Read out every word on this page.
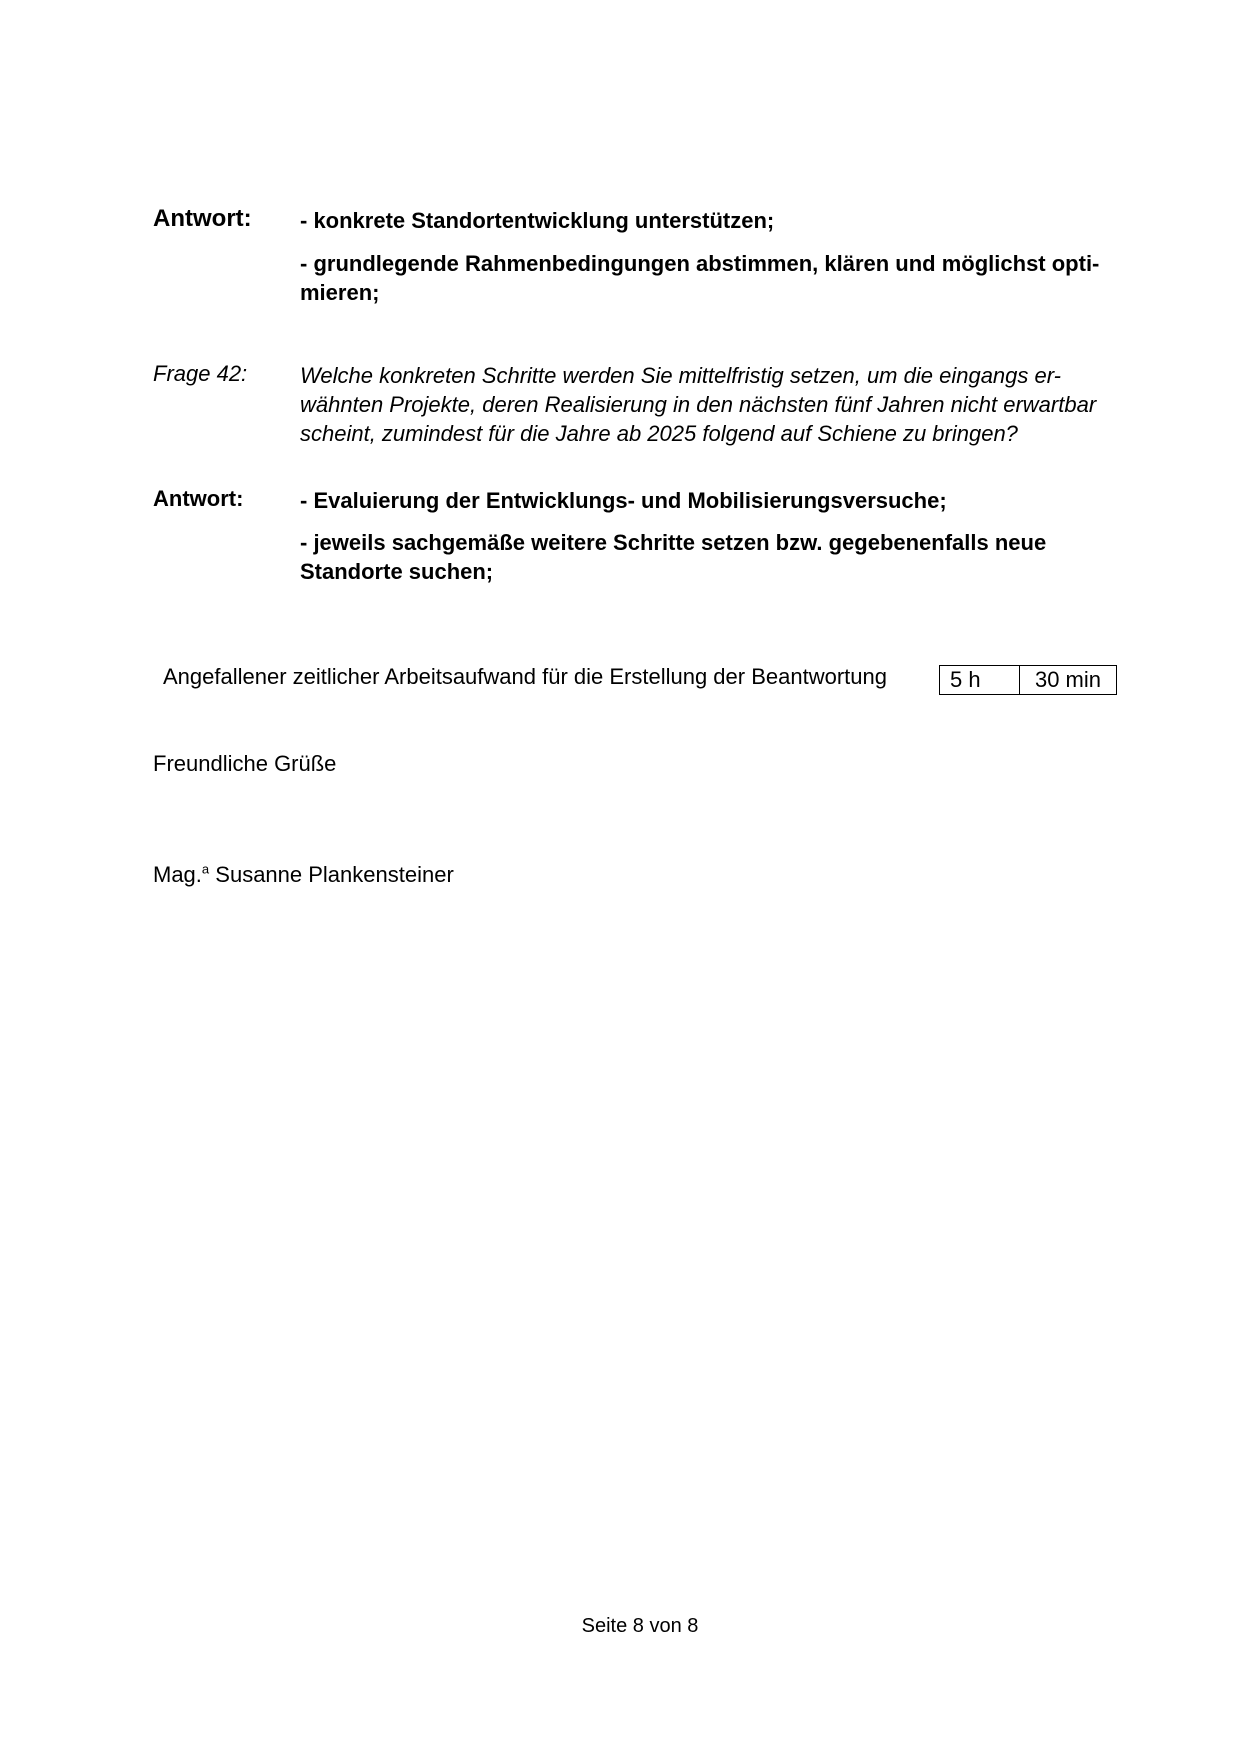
Antwort: - konkrete Standortentwicklung unterstützen;
- grundlegende Rahmenbedingungen abstimmen, klären und möglichst opti-
mieren;
Frage 42: Welche konkreten Schritte werden Sie mittelfristig setzen, um die eingangs er-
wähnten Projekte, deren Realisierung in den nächsten fünf Jahren nicht erwartbar
scheint, zumindest für die Jahre ab 2025 folgend auf Schiene zu bringen?
Antwort:	- Evaluierung der Entwicklungs- und Mobilisierungsversuche;
- jeweils sachgemäße weitere Schritte setzen bzw. gegebenenfalls neue
Standorte suchen;
Angefallener zeitlicher Arbeitsaufwand für die Erstellung der Beantwortung	5 h	30 min
Freundliche Grüße
Mag.$^a$ Susanne Plankensteiner
Seite 8 von 8
